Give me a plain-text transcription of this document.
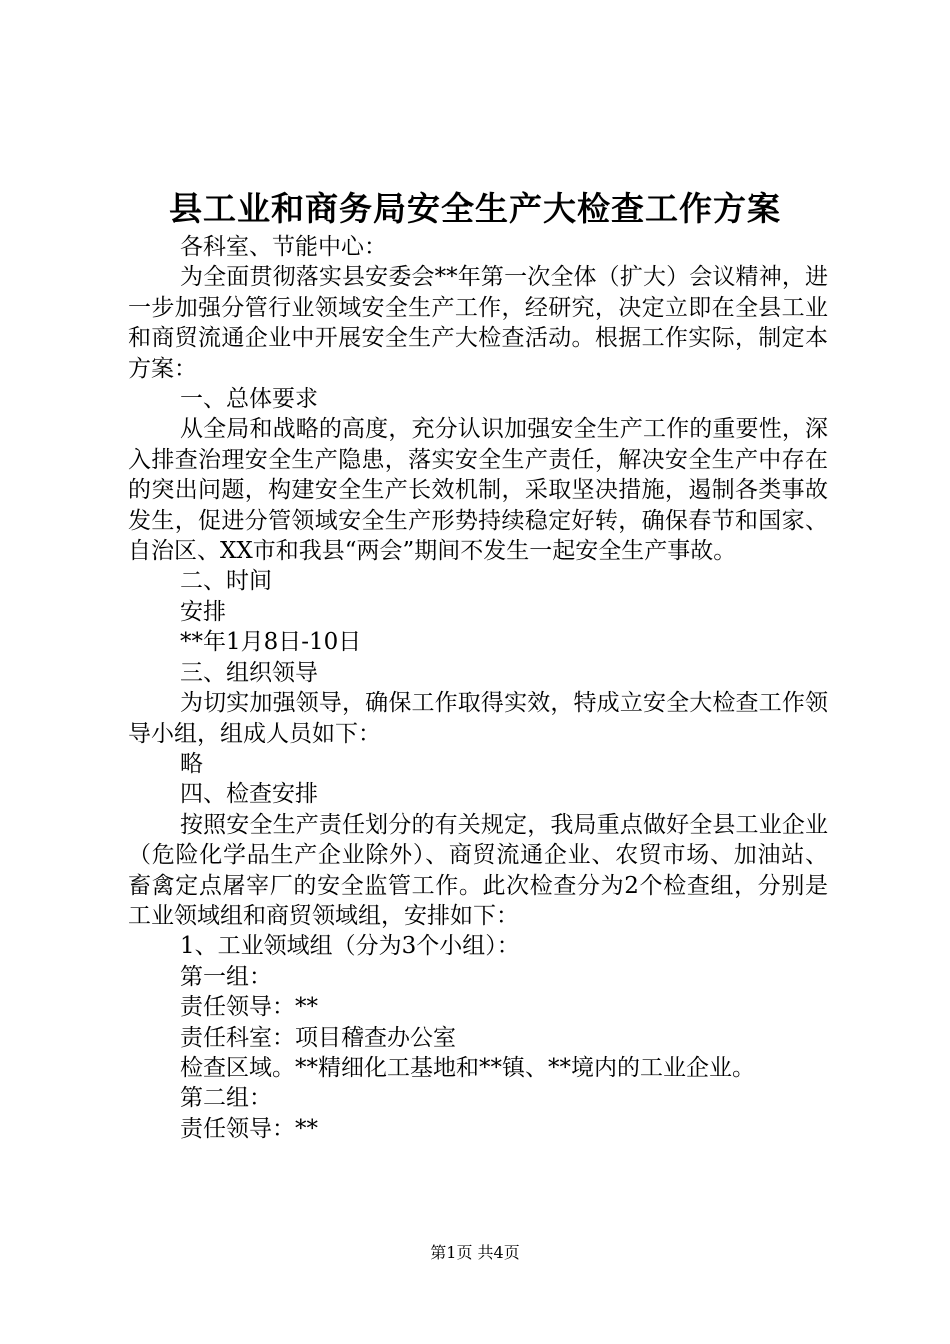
县工业和商务局安全生产大检查工作方案

各科室、节能中心：

为全面贯彻落实县安委会**年第一次全体（扩大）会议精神，进一步加强分管行业领域安全生产工作，经研究，决定立即在全县工业和商贸流通企业中开展安全生产大检查活动。根据工作实际，制定本方案：

一、总体要求

从全局和战略的高度，充分认识加强安全生产工作的重要性，深入排查治理安全生产隐患，落实安全生产责任，解决安全生产中存在的突出问题，构建安全生产长效机制，采取坚决措施，遏制各类事故发生，促进分管领域安全生产形势持续稳定好转，确保春节和国家、自治区、XX市和我县“两会”期间不发生一起安全生产事故。

二、时间

安排

**年1月8日-10日

三、组织领导

为切实加强领导，确保工作取得实效，特成立安全大检查工作领导小组，组成人员如下：

略

四、检查安排

按照安全生产责任划分的有关规定，我局重点做好全县工业企业（危险化学品生产企业除外）、商贸流通企业、农贸市场、加油站、畜禽定点屠宰厂的安全监管工作。此次检查分为2个检查组，分别是工业领域组和商贸领域组，安排如下：

1、工业领域组（分为3个小组）：

第一组：

责任领导：**

责任科室：项目稽查办公室

检查区域。**精细化工基地和**镇、**境内的工业企业。

第二组：

责任领导：**

第1页 共4页
